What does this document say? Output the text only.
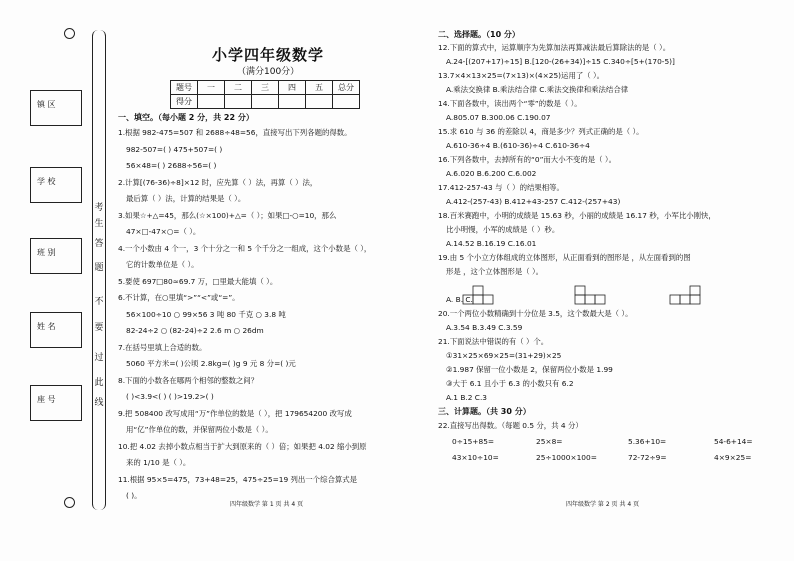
镇 区
学 校
班 别
姓 名
座 号
考
生
答
题
不
要
过
此
线
小学四年级数学
（满分100分）
题号	一	二	三	四	五	总分
得分						
一、填空。（每小题 2 分，共 22 分）
1.根据 982-475=507 和 2688÷48=56，直接写出下列各题的得数。
982-507=( ) 475+507=( )
56×48=( ) 2688÷56=( )
2.计算[(76-36)÷8]×12 时，应先算（ ）法，再算（ ）法，
最后算（ ）法，计算的结果是（ ）。
3.如果☆+△=45，那么(☆×100)+△=（ ）；如果□-○=10，那么
47×□-47×○=（ ）。
4.一个小数由 4 个一，3 个十分之一和 5 个千分之一组成，这个小数是（ ），
它的计数单位是（ ）。
5.要使 697□80≈69.7 万，□里最大能填（ ）。
6.不计算，在○里填“>”“<”或“=”。
56×100÷10 ○ 99×56 3 吨 80 千克 ○ 3.8 吨
82-24÷2 ○ (82-24)÷2 2.6 m ○ 26dm
7.在括号里填上合适的数。
5060 平方米=( )公顷 2.8kg=( )g 9 元 8 分=( )元
8.下面的小数各在哪两个相邻的整数之间？
( )<3.9<( ) ( )>19.2>( )
9.把 508400 改写成用“万”作单位的数是（ ），把 179654200 改写成
用“亿”作单位的数，并保留两位小数是（ ）。
10.把 4.02 去掉小数点相当于扩大到原来的（ ）倍；如果把 4.02 缩小到原
来的 1/10 是（ ）。
11.根据 95×5=475，73+48=25，475÷25=19 列出一个综合算式是
( )。
四年级数学 第 1 页 共 4 页
二、选择题。（10 分）
12.下面的算式中，运算顺序为先算加法再算减法最后算除法的是（ ）。
A.24-[(207+17)÷15] B.[120-(26+34)]÷15 C.340÷[5+(170-5)]
13.7×4×13×25=(7×13)×(4×25)运用了（ ）。
A.乘法交换律 B.乘法结合律 C.乘法交换律和乘法结合律
14.下面各数中，读出两个“零”的数是（ ）。
A.805.07 B.300.06 C.190.07
15.求 610 与 36 的差除以 4，商是多少？列式正确的是（ ）。
A.610-36÷4 B.(610-36)÷4 C.610-36÷4
16.下列各数中，去掉所有的“0”而大小不变的是（ ）。
A.6.020 B.6.200 C.6.002
17.412-257-43 与（ ）的结果相等。
A.412-(257-43) B.412+43-257 C.412-(257+43)
18.百米赛跑中，小明的成绩是 15.63 秒，小丽的成绩是 16.17 秒，小军比小刚快，
比小明慢，小军的成绩是（ ）秒。
A.14.52 B.16.19 C.16.01
19.由 5 个小立方体组成的立体图形，从正面看到的图形是 ，从左面看到的图
形是 ，这个立体图形是（ ）。
A. B. C.
20.一个两位小数精确到十分位是 3.5，这个数最大是（ ）。
A.3.54 B.3.49 C.3.59
21.下面说法中错误的有（ ）个。
①31×25×69×25=(31+29)×25
②1.987 保留一位小数是 2，保留两位小数是 1.99
③大于 6.1 且小于 6.3 的小数只有 6.2
A.1 B.2 C.3
三、计算题。（共 30 分）
22.直接写出得数。（每题 0.5 分，共 4 分）
0÷15+85=	25×8=	5.36+10=	54-6+14=
43×10÷10=	25÷1000×100=	72-72÷9=	4×9×25=
四年级数学 第 2 页 共 4 页
